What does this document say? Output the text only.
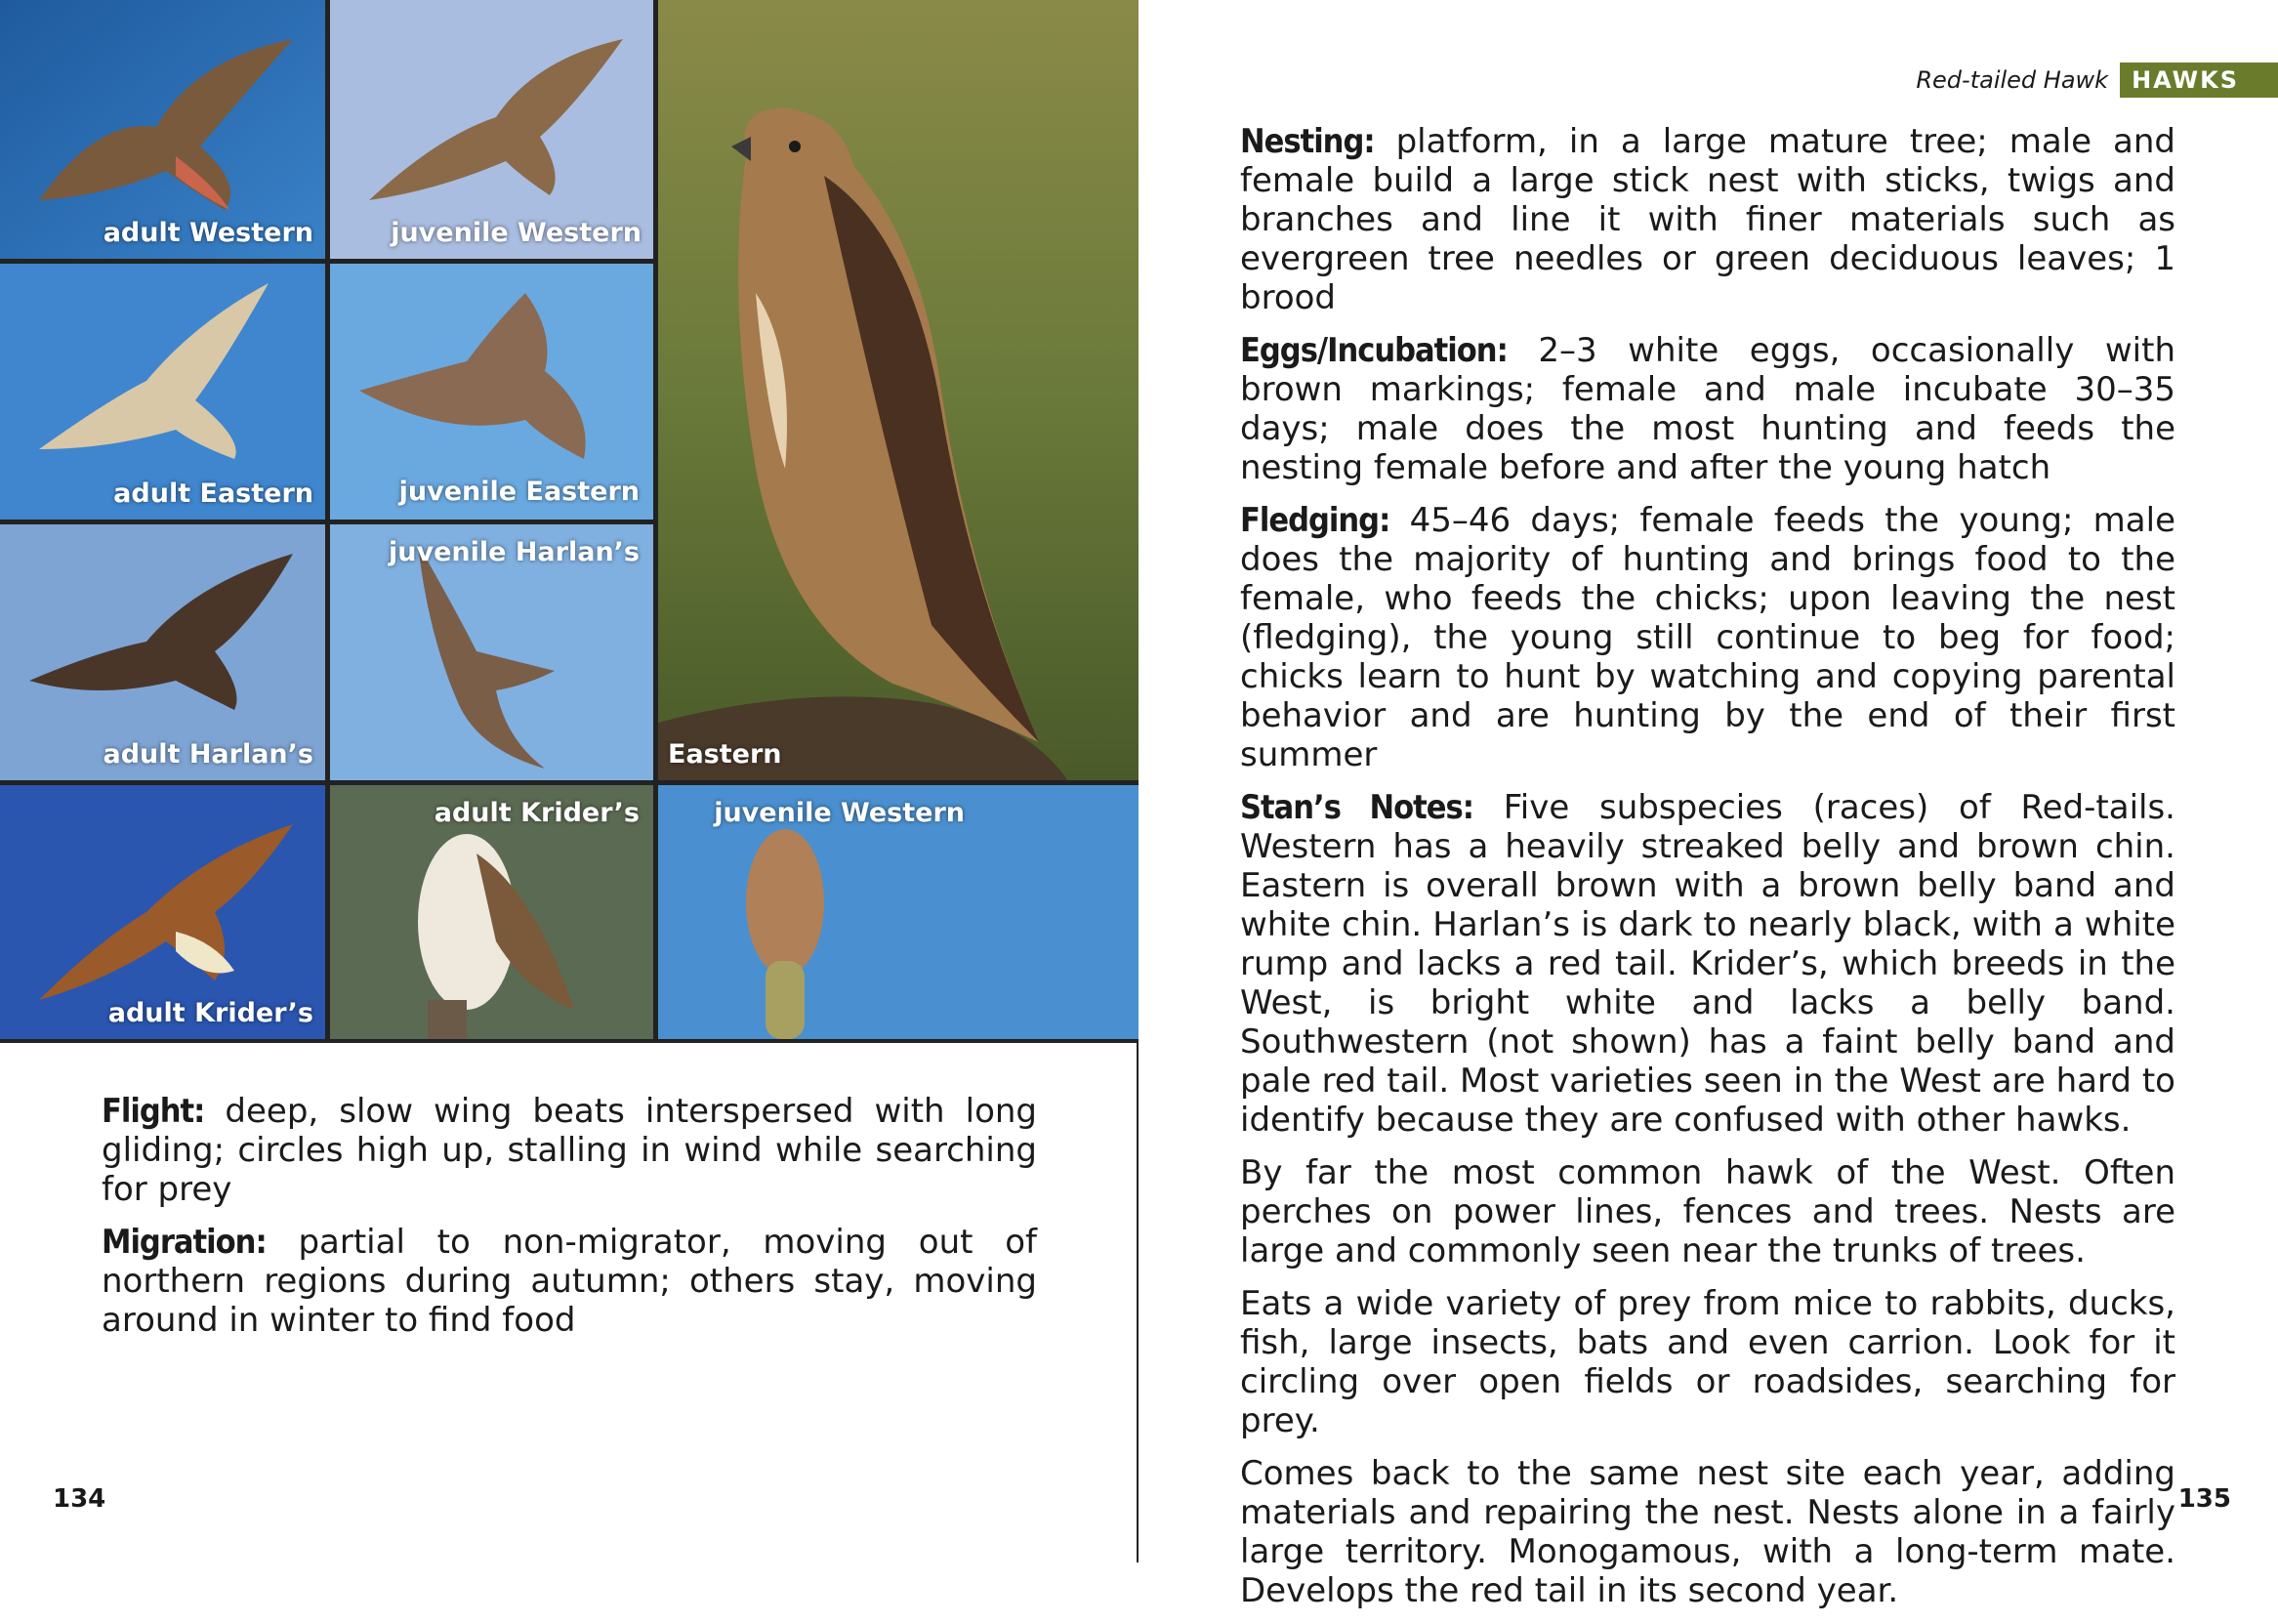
adult Western	juvenile Western
adult Eastern	juvenile Eastern
adult Harlan’s
juvenile Harlan’s
adult Krider’s
adult Krider’s	juvenile Western
Eastern

Flight: deep, slow wing beats interspersed with long gliding; circles high up, stalling in wind while searching for prey

Migration: partial to non-migrator, moving out of northern regions during autumn; others stay, moving around in winter to find food

134
Red-tailed Hawk	HAWKS

Nesting: platform, in a large mature tree; male and female build a large stick nest with sticks, twigs and branches and line it with finer materials such as evergreen tree needles or green deciduous leaves; 1 brood

Eggs/Incubation: 2–3 white eggs, occasionally with brown markings; female and male incubate 30–35 days; male does the most hunting and feeds the nesting female before and after the young hatch

Fledging: 45–46 days; female feeds the young; male does the majority of hunting and brings food to the female, who feeds the chicks; upon leaving the nest (fledging), the young still continue to beg for food; chicks learn to hunt by watching and copying parental behavior and are hunting by the end of their first summer

Stan’s Notes: Five subspecies (races) of Red-tails. Western has a heavily streaked belly and brown chin. Eastern is overall brown with a brown belly band and white chin. Harlan’s is dark to nearly black, with a white rump and lacks a red tail. Krider’s, which breeds in the West, is bright white and lacks a belly band. Southwestern (not shown) has a faint belly band and pale red tail. Most varieties seen in the West are hard to identify because they are confused with other hawks.

By far the most common hawk of the West. Often perches on power lines, fences and trees. Nests are large and commonly seen near the trunks of trees.

Eats a wide variety of prey from mice to rabbits, ducks, fish, large insects, bats and even carrion. Look for it circling over open fields or roadsides, searching for prey.

Comes back to the same nest site each year, adding materials and repairing the nest. Nests alone in a fairly large territory. Monogamous, with a long-term mate. Develops the red tail in its second year.

135
